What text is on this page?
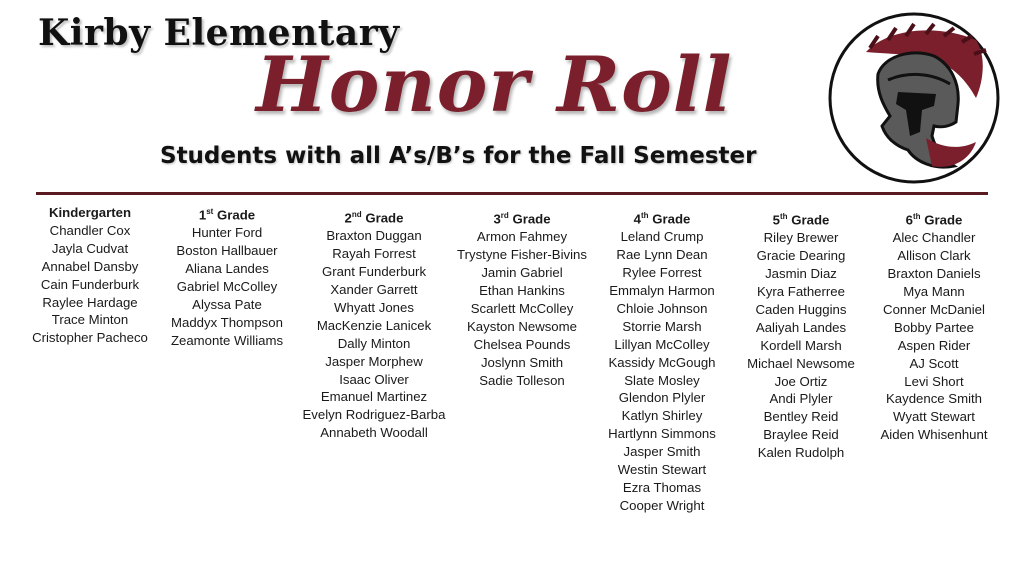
Kirby Elementary
Honor Roll
Students with all A’s/B’s for the Fall Semester
Kindergarten
Chandler Cox
Jayla Cudvat
Annabel Dansby
Cain Funderburk
Raylee Hardage
Trace Minton
Cristopher Pacheco
1st Grade
Hunter Ford
Boston Hallbauer
Aliana Landes
Gabriel McColley
Alyssa Pate
Maddyx Thompson
Zeamonte Williams
2nd Grade
Braxton Duggan
Rayah Forrest
Grant Funderburk
Xander Garrett
Whyatt Jones
MacKenzie Lanicek
Dally Minton
Jasper Morphew
Isaac Oliver
Emanuel Martinez
Evelyn Rodriguez-Barba
Annabeth Woodall
3rd Grade
Armon Fahmey
Trystyne Fisher-Bivins
Jamin Gabriel
Ethan Hankins
Scarlett McColley
Kayston Newsome
Chelsea Pounds
Joslynn Smith
Sadie Tolleson
4th Grade
Leland Crump
Rae Lynn Dean
Rylee Forrest
Emmalyn Harmon
Chloie Johnson
Storrie Marsh
Lillyan McColley
Kassidy McGough
Slate Mosley
Glendon Plyler
Katlyn Shirley
Hartlynn Simmons
Jasper Smith
Westin Stewart
Ezra Thomas
Cooper Wright
5th Grade
Riley Brewer
Gracie Dearing
Jasmin Diaz
Kyra Fatherree
Caden Huggins
Aaliyah Landes
Kordell Marsh
Michael Newsome
Joe Ortiz
Andi Plyler
Bentley Reid
Braylee Reid
Kalen Rudolph
6th Grade
Alec Chandler
Allison Clark
Braxton Daniels
Mya Mann
Conner McDaniel
Bobby Partee
Aspen Rider
AJ Scott
Levi Short
Kaydence Smith
Wyatt Stewart
Aiden Whisenhunt
